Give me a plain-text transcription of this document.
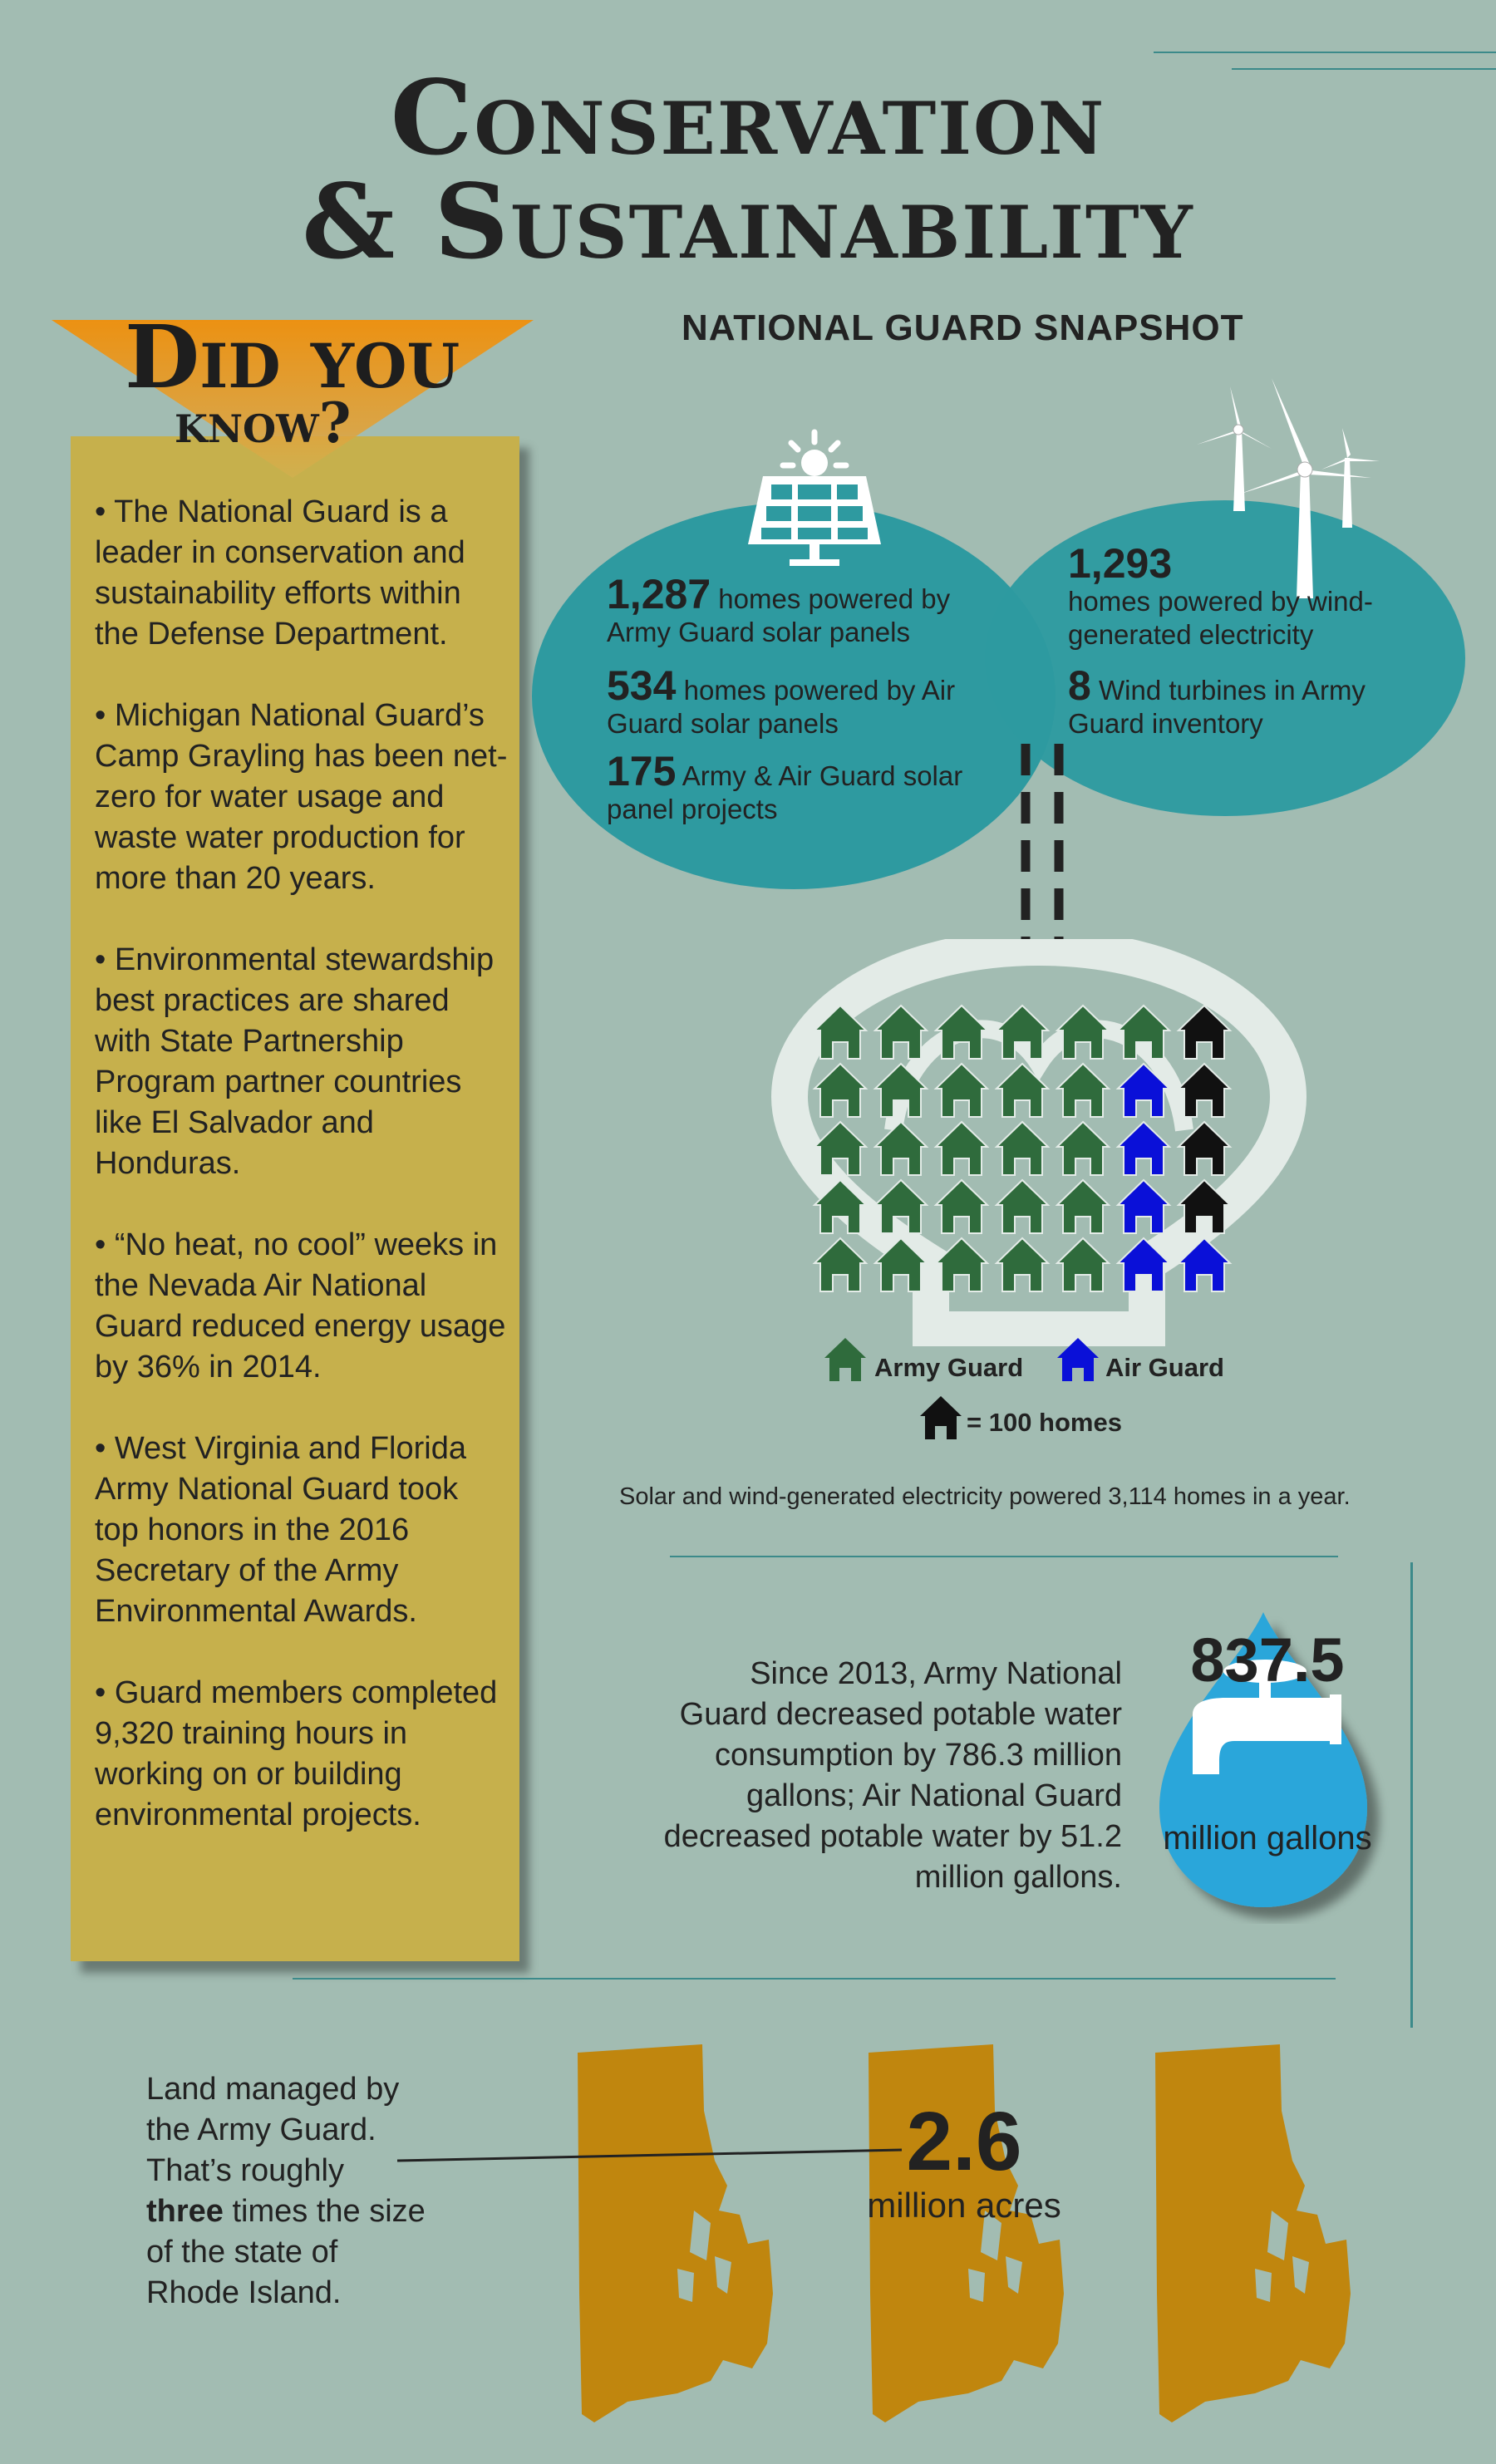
Conservation
& Sustainability
Did you
know?

• The National Guard is a leader in conservation and sustainability efforts within the Defense Department.

• Michigan National Guard’s Camp Grayling has been net-zero for water usage and waste water production for more than 20 years.

• Environmental stewardship best practices are shared with State Partnership Program partner countries like El Salvador and Honduras.

• “No heat, no cool” weeks in the Nevada Air National Guard reduced energy usage by 36% in 2014.

• West Virginia and Florida Army National Guard took top honors in the 2016 Secretary of the Army Environmental Awards.

• Guard members completed 9,320 training hours in working on or building environmental projects.

NATIONAL GUARD SNAPSHOT
1,287 homes powered by Army Guard solar panels
534 homes powered by Air Guard solar panels
175 Army & Air Guard solar panel projects
1,293
homes powered by wind-generated electricity
8 Wind turbines in Army Guard inventory
Army Guard	Air Guard
= 100 homes
Solar and wind-generated electricity powered 3,114 homes in a year.
Since 2013, Army National Guard decreased potable water consumption by 786.3 million gallons; Air National Guard decreased potable water by 51.2 million gallons.
837.5
million gallons
Land managed by the Army Guard. That’s roughly three times the size of the state of Rhode Island.
2.6
million acres
